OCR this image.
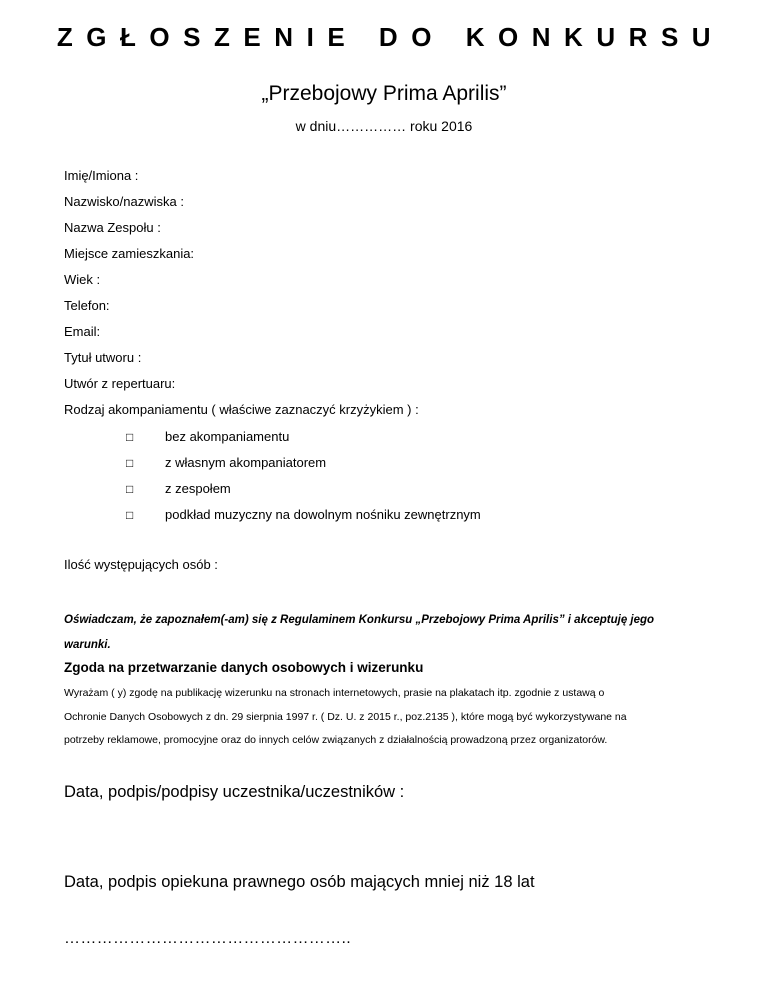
ZGŁOSZENIE DO KONKURSU
„Przebojowy Prima Aprilis”
w dniu…………… roku 2016
Imię/Imiona :
Nazwisko/nazwiska :
Nazwa Zespołu :
Miejsce zamieszkania:
Wiek :
Telefon:
Email:
Tytuł utworu :
Utwór z repertuaru:
Rodzaj akompaniamentu ( właściwe zaznaczyć krzyżykiem ) :
□ bez akompaniamentu
□ z własnym akompaniatorem
□ z zespołem
□ podkład muzyczny na dowolnym nośniku zewnętrznym
Ilość występujących osób :
Oświadczam, że zapoznałem(-am) się z Regulaminem Konkursu „Przebojowy Prima Aprilis” i akceptuję jego
warunki.
Zgoda na przetwarzanie danych osobowych i wizerunku
Wyrażam ( y) zgodę na publikację wizerunku na stronach internetowych, prasie na plakatach itp. zgodnie z ustawą o
Ochronie Danych Osobowych z dn. 29 sierpnia 1997 r. ( Dz. U. z 2015 r., poz.2135 ), które mogą być wykorzystywane na
potrzeby reklamowe, promocyjne oraz do innych celów związanych z działalnością prowadzoną przez organizatorów.
Data, podpis/podpisy uczestnika/uczestników :
Data, podpis opiekuna prawnego osób mających mniej niż 18 lat
……………………………………………..
